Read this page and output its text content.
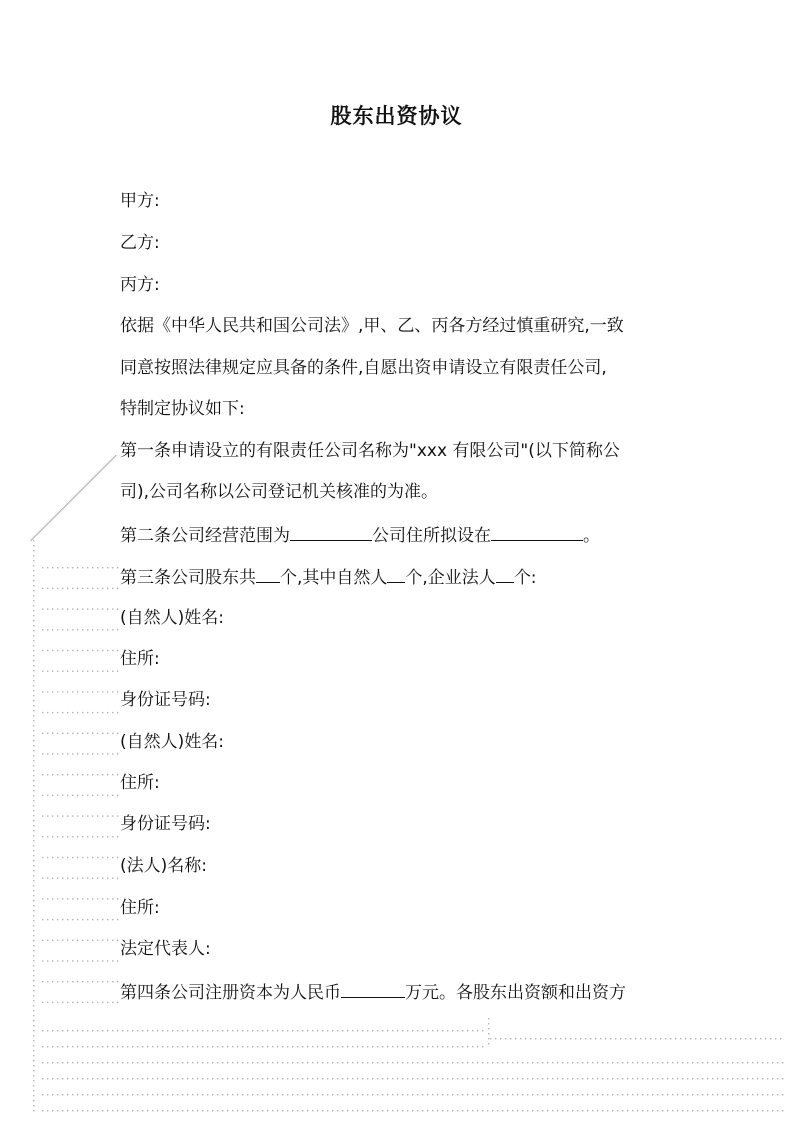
股东出资协议
甲方:
乙方:
丙方:
依据《中华人民共和国公司法》,甲、乙、丙各方经过慎重研究,一致
同意按照法律规定应具备的条件,自愿出资申请设立有限责任公司,
特制定协议如下:
第一条申请设立的有限责任公司名称为"xxx 有限公司"(以下简称公
司),公司名称以公司登记机关核准的为准。
第二条公司经营范围为	公司住所拟设在	。
第三条公司股东共 个,其中自然人 个,企业法人 个:
(自然人)姓名:
住所:
身份证号码:
(自然人)姓名:
住所:
身份证号码:
(法人)名称:
住所:
法定代表人:
第四条公司注册资本为人民币	万元。各股东出资额和出资方
